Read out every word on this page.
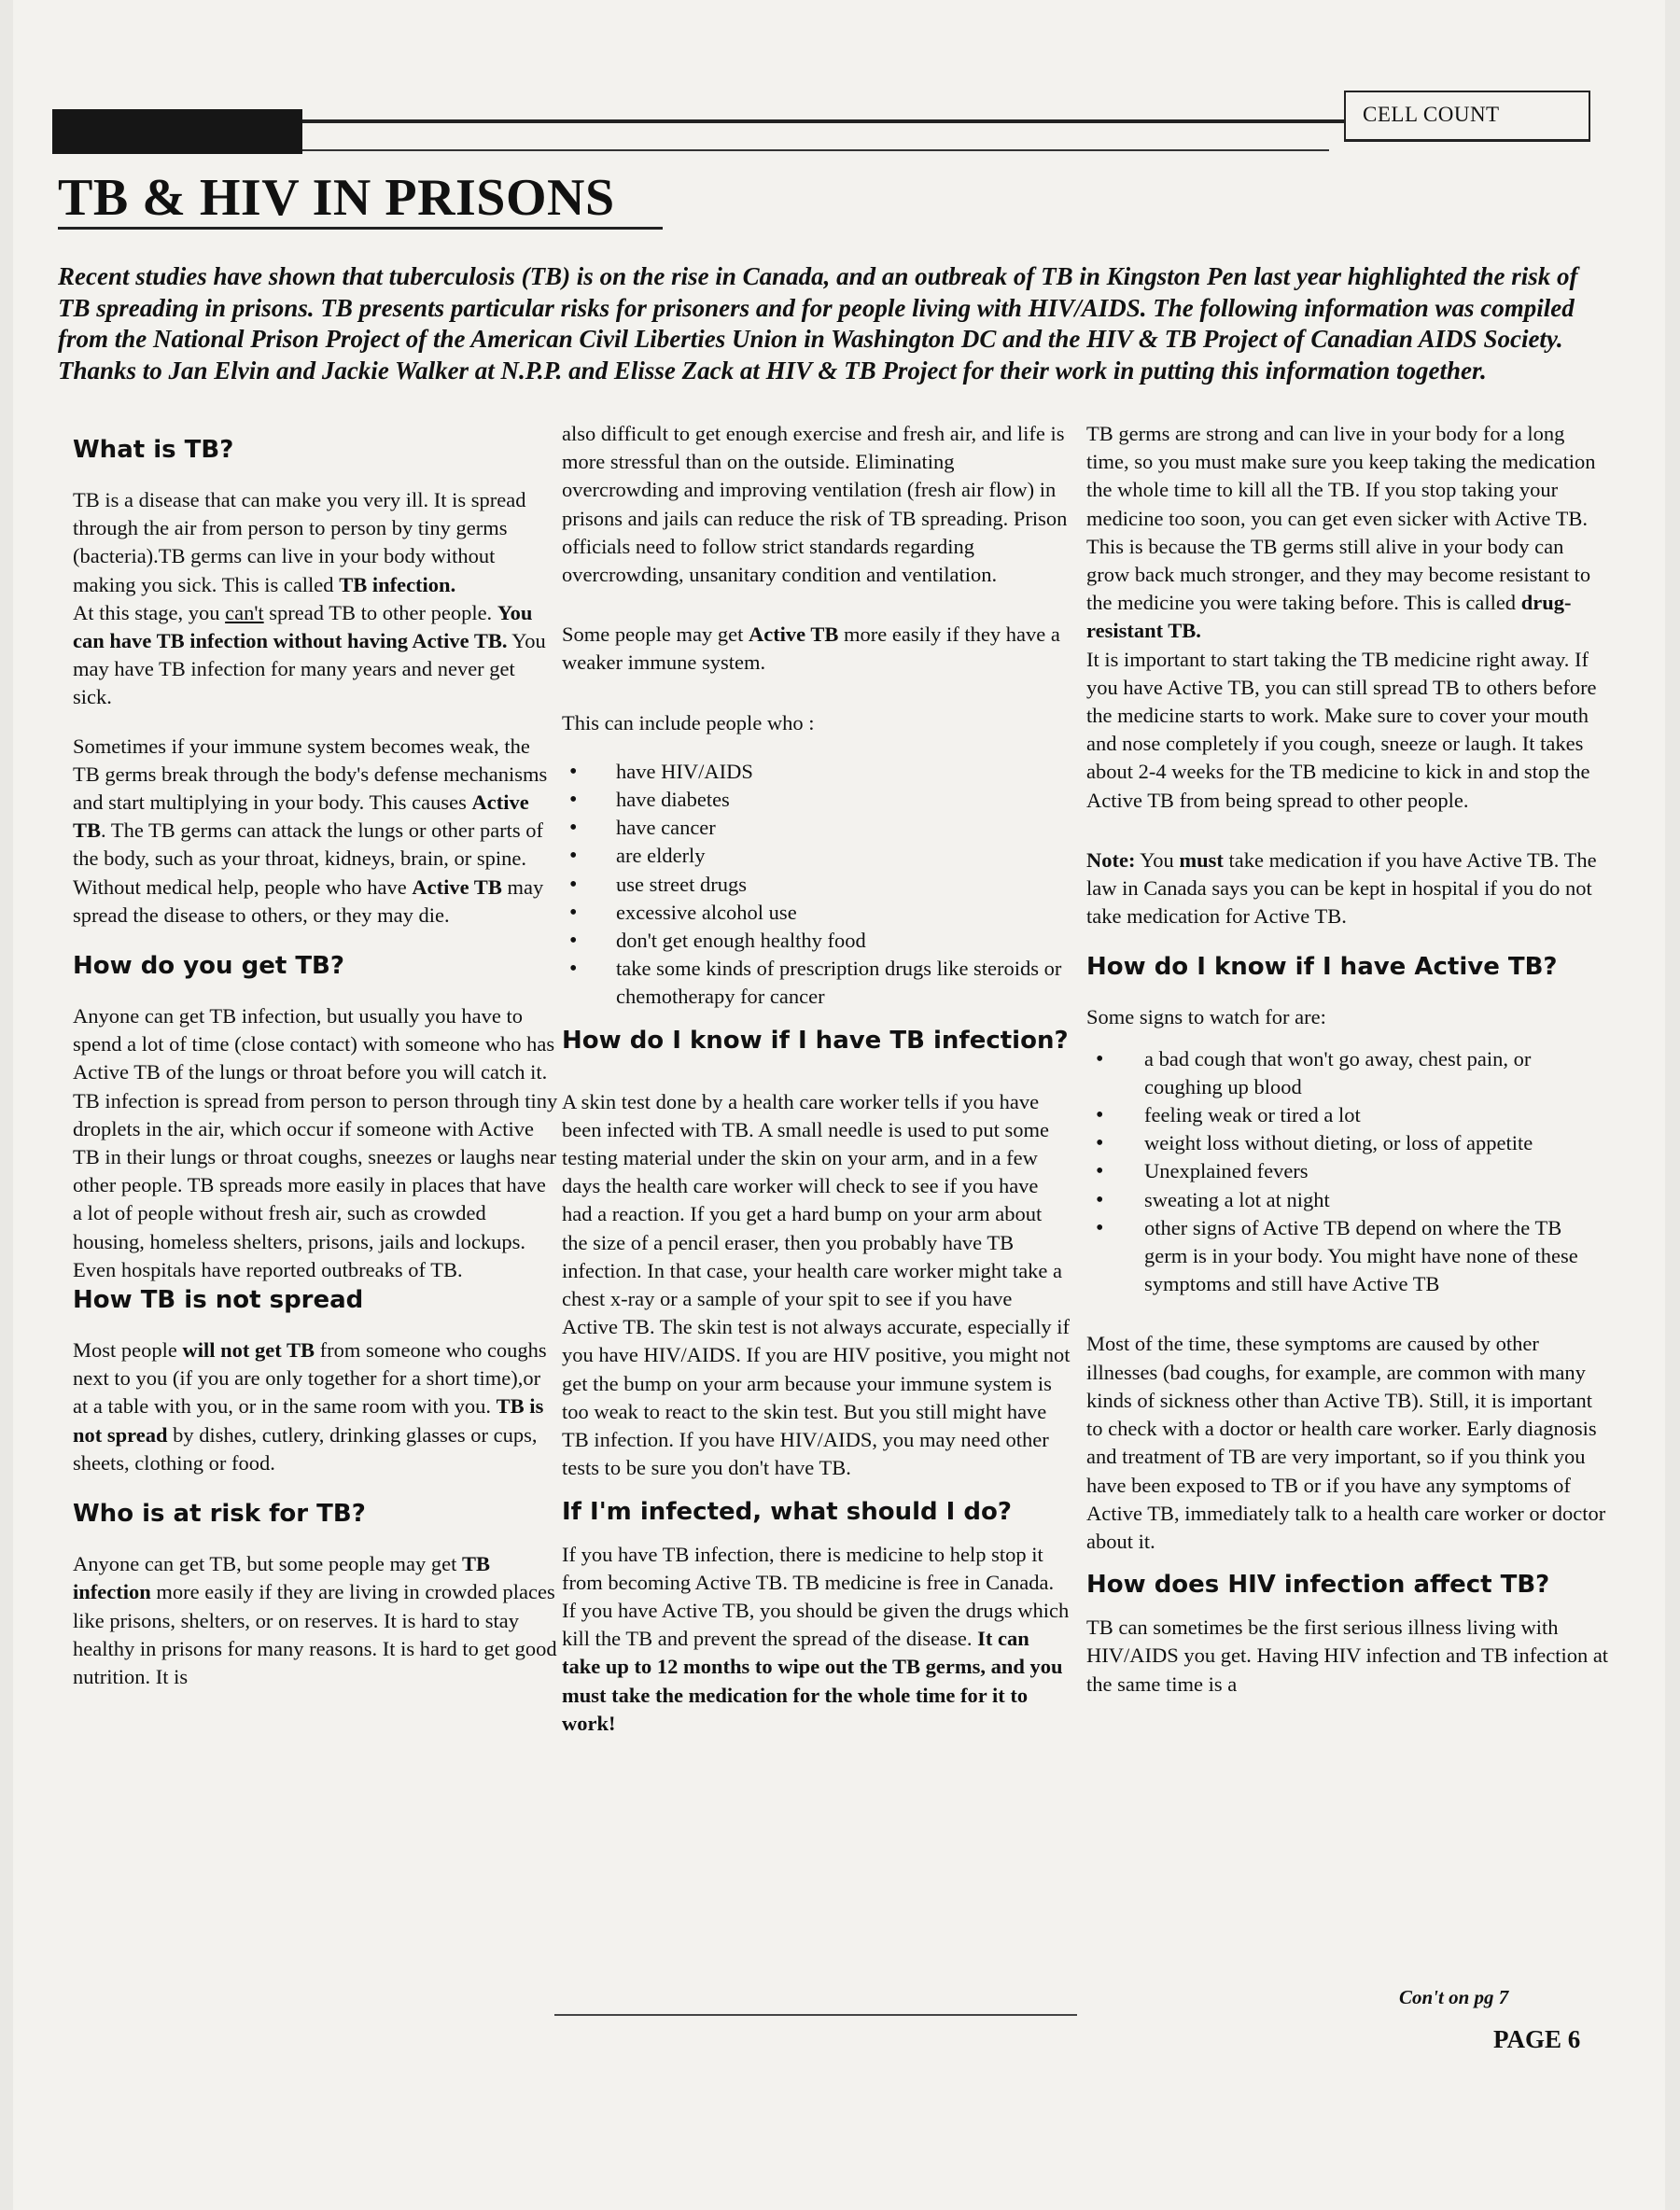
CELL COUNT
TB & HIV IN PRISONS

Recent studies have shown that tuberculosis (TB) is on the rise in Canada, and an outbreak of TB in Kingston Pen last year highlighted the risk of TB spreading in prisons. TB presents particular risks for prisoners and for people living with HIV/AIDS. The following information was compiled from the National Prison Project of the American Civil Liberties Union in Washington DC and the HIV & TB Project of Canadian AIDS Society. Thanks to Jan Elvin and Jackie Walker at N.P.P. and Elisse Zack at HIV & TB Project for their work in putting this information together.

What is TB?

TB is a disease that can make you very ill. It is spread through the air from person to person by tiny germs (bacteria).TB germs can live in your body without making you sick. This is called TB infection.

At this stage, you can't spread TB to other people. You can have TB infection without having Active TB. You may have TB infection for many years and never get sick.

Sometimes if your immune system becomes weak, the TB germs break through the body's defense mechanisms and start multiplying in your body. This causes Active TB. The TB germs can attack the lungs or other parts of the body, such as your throat, kidneys, brain, or spine. Without medical help, people who have Active TB may spread the disease to others, or they may die.

How do you get TB?

Anyone can get TB infection, but usually you have to spend a lot of time (close contact) with someone who has Active TB of the lungs or throat before you will catch it.

TB infection is spread from person to person through tiny droplets in the air, which occur if someone with Active TB in their lungs or throat coughs, sneezes or laughs near other people. TB spreads more easily in places that have a lot of people without fresh air, such as crowded housing, homeless shelters, prisons, jails and lockups. Even hospitals have reported outbreaks of TB.

How TB is not spread

Most people will not get TB from someone who coughs next to you (if you are only together for a short time),or at a table with you, or in the same room with you. TB is not spread by dishes, cutlery, drinking glasses or cups, sheets, clothing or food.

Who is at risk for TB?

Anyone can get TB, but some people may get TB infection more easily if they are living in crowded places like prisons, shelters, or on reserves. It is hard to stay healthy in prisons for many reasons. It is hard to get good nutrition. It is

also difficult to get enough exercise and fresh air, and life is more stressful than on the outside. Eliminating overcrowding and improving ventilation (fresh air flow) in prisons and jails can reduce the risk of TB spreading. Prison officials need to follow strict standards regarding overcrowding, unsanitary condition and ventilation.

Some people may get Active TB more easily if they have a weaker immune system.

This can include people who :

• have HIV/AIDS
• have diabetes
• have cancer
• are elderly
• use street drugs
• excessive alcohol use
• don't get enough healthy food
• take some kinds of prescription drugs like steroids or chemotherapy for cancer
How do I know if I have TB infection?

A skin test done by a health care worker tells if you have been infected with TB. A small needle is used to put some testing material under the skin on your arm, and in a few days the health care worker will check to see if you have had a reaction. If you get a hard bump on your arm about the size of a pencil eraser, then you probably have TB infection. In that case, your health care worker might take a chest x-ray or a sample of your spit to see if you have Active TB. The skin test is not always accurate, especially if you have HIV/AIDS. If you are HIV positive, you might not get the bump on your arm because your immune system is too weak to react to the skin test. But you still might have TB infection. If you have HIV/AIDS, you may need other tests to be sure you don't have TB.

If I'm infected, what should I do?

If you have TB infection, there is medicine to help stop it from becoming Active TB. TB medicine is free in Canada.

If you have Active TB, you should be given the drugs which kill the TB and prevent the spread of the disease. It can take up to 12 months to wipe out the TB germs, and you must take the medication for the whole time for it to work!

TB germs are strong and can live in your body for a long time, so you must make sure you keep taking the medication the whole time to kill all the TB. If you stop taking your medicine too soon, you can get even sicker with Active TB. This is because the TB germs still alive in your body can grow back much stronger, and they may become resistant to the medicine you were taking before. This is called drug-resistant TB.

It is important to start taking the TB medicine right away. If you have Active TB, you can still spread TB to others before the medicine starts to work. Make sure to cover your mouth and nose completely if you cough, sneeze or laugh. It takes about 2-4 weeks for the TB medicine to kick in and stop the Active TB from being spread to other people.

Note: You must take medication if you have Active TB. The law in Canada says you can be kept in hospital if you do not take medication for Active TB.

How do I know if I have Active TB?

Some signs to watch for are:

• a bad cough that won't go away, chest pain, or coughing up blood
• feeling weak or tired a lot
• weight loss without dieting, or loss of appetite
• Unexplained fevers
• sweating a lot at night
• other signs of Active TB depend on where the TB germ is in your body. You might have none of these symptoms and still have Active TB

Most of the time, these symptoms are caused by other illnesses (bad coughs, for example, are common with many kinds of sickness other than Active TB). Still, it is important to check with a doctor or health care worker. Early diagnosis and treatment of TB are very important, so if you think you have been exposed to TB or if you have any symptoms of Active TB, immediately talk to a health care worker or doctor about it.

How does HIV infection affect TB?

TB can sometimes be the first serious illness living with HIV/AIDS you get. Having HIV infection and TB infection at the same time is a

Con't on pg 7
PAGE 6
